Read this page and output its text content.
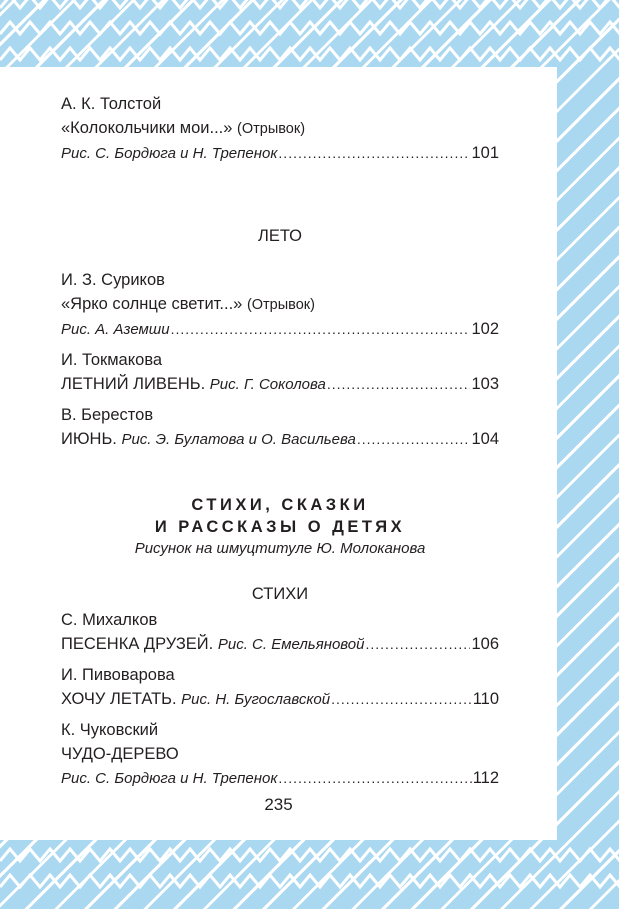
А. К. Толстой
«Колокольчики мои...» (Отрывок)
Рис. С. Бордюга и Н. Трепенок .....	101
ЛЕТО
И. З. Суриков
«Ярко солнце светит...» (Отрывок)
Рис. А. Аземши .....	102
И. Токмакова
ЛЕТНИЙ ЛИВЕНЬ.
Рис. Г. Соколова .....	103
В. Берестов
ИЮНЬ.
Рис. Э. Булатова и О. Васильева .....	104
СТИХИ, СКАЗКИ
И РАССКАЗЫ О ДЕТЯХ
Рисунок на шмуцтитуле Ю. Молоканова
СТИХИ
С. Михалков
ПЕСЕНКА ДРУЗЕЙ.
Рис. С. Емельяновой .....	106
И. Пивоварова
ХОЧУ ЛЕТАТЬ.
Рис. Н. Бугославской .....	110
К. Чуковский
ЧУДО-ДЕРЕВО
Рис. С. Бордюга и Н. Трепенок .....	112
235
